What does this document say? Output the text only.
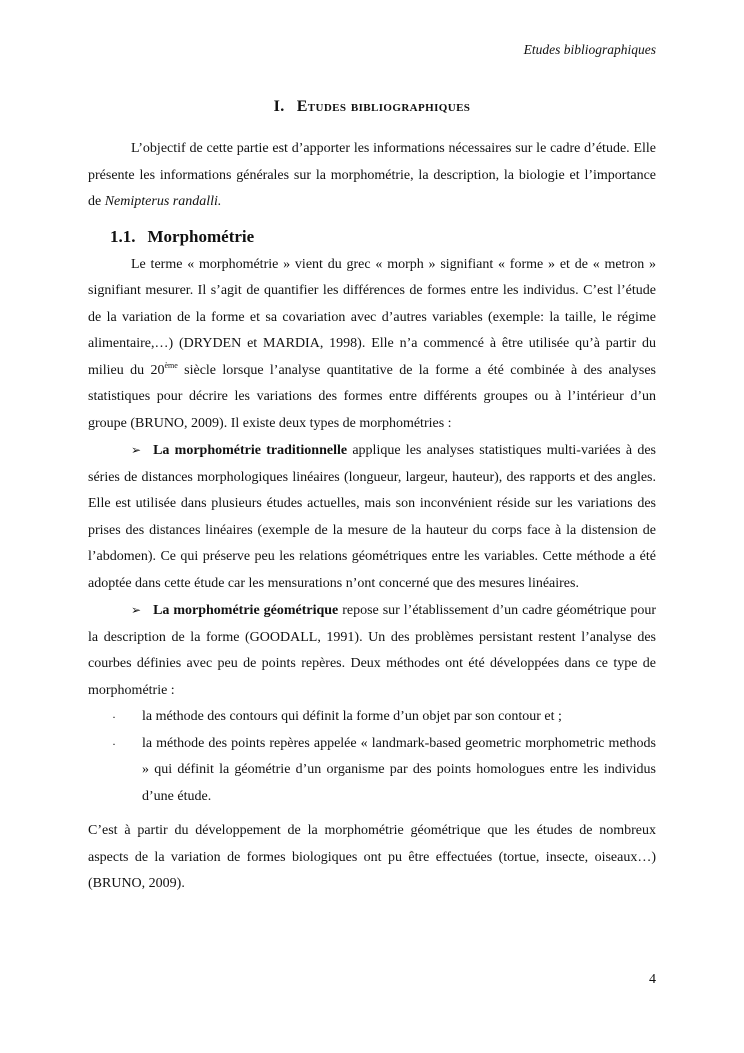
Etudes bibliographiques
I. Etudes bibliographiques

L’objectif de cette partie est d’apporter les informations nécessaires sur le cadre d’étude. Elle présente les informations générales sur la morphométrie, la description, la biologie et l’importance de Nemipterus randalli.

1.1. Morphométrie

Le terme « morphométrie » vient du grec « morph » signifiant « forme » et de « metron » signifiant mesurer. Il s’agit de quantifier les différences de formes entre les individus. C’est l’étude de la variation de la forme et sa covariation avec d’autres variables (exemple: la taille, le régime alimentaire,…) (DRYDEN et MARDIA, 1998). Elle n’a commencé à être utilisée qu’à partir du milieu du 20ème siècle lorsque l’analyse quantitative de la forme a été combinée à des analyses statistiques pour décrire les variations des formes entre différents groupes ou à l’intérieur d’un groupe (BRUNO, 2009). Il existe deux types de morphométries :

➢ La morphométrie traditionnelle applique les analyses statistiques multi-variées à des séries de distances morphologiques linéaires (longueur, largeur, hauteur), des rapports et des angles. Elle est utilisée dans plusieurs études actuelles, mais son inconvénient réside sur les variations des prises des distances linéaires (exemple de la mesure de la hauteur du corps face à la distension de l’abdomen). Ce qui préserve peu les relations géométriques entre les variables. Cette méthode a été adoptée dans cette étude car les mensurations n’ont concerné que des mesures linéaires.

➢ La morphométrie géométrique repose sur l’établissement d’un cadre géométrique pour la description de la forme (GOODALL, 1991). Un des problèmes persistant restent l’analyse des courbes définies avec peu de points repères. Deux méthodes ont été développées dans ce type de morphométrie :

· la méthode des contours qui définit la forme d’un objet par son contour et ;
· la méthode des points repères appelée « landmark-based geometric morphometric methods » qui définit la géométrie d’un organisme par des points homologues entre les individus d’une étude.

C’est à partir du développement de la morphométrie géométrique que les études de nombreux aspects de la variation de formes biologiques ont pu être effectuées (tortue, insecte, oiseaux…) (BRUNO, 2009).

4
